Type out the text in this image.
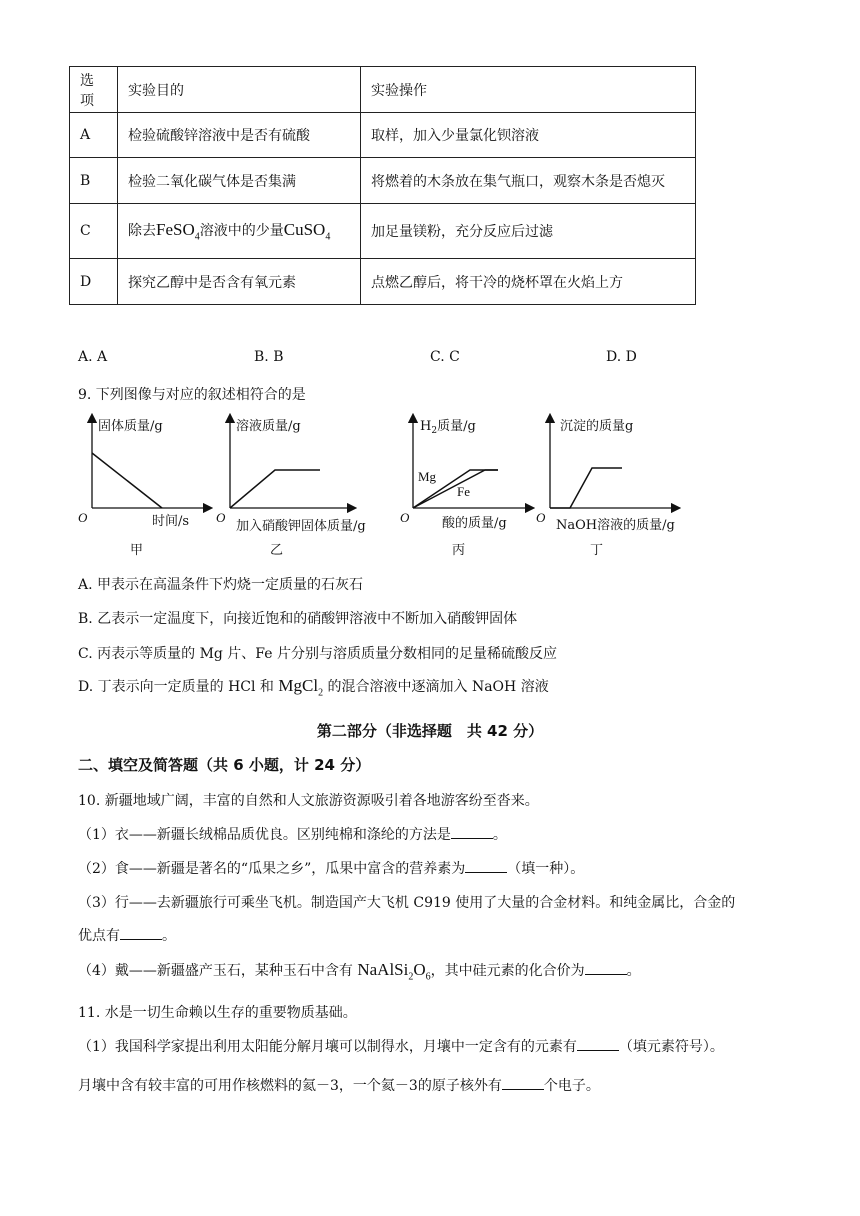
选项	实验目的	实验操作
A	检验硫酸锌溶液中是否有硫酸	取样，加入少量氯化钡溶液
B	检验二氧化碳气体是否集满	将燃着的木条放在集气瓶口，观察木条是否熄灭
C	除去FeSO$_4$溶液中的少量CuSO$_4$	加足量镁粉，充分反应后过滤
D	探究乙醇中是否含有氧元素	点燃乙醇后，将干冷的烧杯罩在火焰上方
A. A	B. B	C. C	D. D
9. 下列图像与对应的叙述相符合的是
固体质量/g
时间/s
O
甲
溶液质量/g
加入硝酸钾固体质量/g
O
乙
$H_2$质量/g
Mg
Fe
酸的质量/g
O
丙
沉淀的质量g
NaOH溶液的质量/g
O
丁
A. 甲表示在高温条件下灼烧一定质量的石灰石
B. 乙表示一定温度下，向接近饱和的硝酸钾溶液中不断加入硝酸钾固体
C. 丙表示等质量的 Mg 片、Fe 片分别与溶质质量分数相同的足量稀硫酸反应
D. 丁表示向一定质量的 HCl 和 MgCl$_2$ 的混合溶液中逐滴加入 NaOH 溶液
第二部分（非选择题　共 42 分）
二、填空及简答题（共 6 小题，计 24 分）
10. 新疆地域广阔，丰富的自然和人文旅游资源吸引着各地游客纷至沓来。
（1）衣——新疆长绒棉品质优良。区别纯棉和涤纶的方法是	。
（2）食——新疆是著名的“瓜果之乡”，瓜果中富含的营养素为	（填一种）。
（3）行——去新疆旅行可乘坐飞机。制造国产大飞机 C919 使用了大量的合金材料。和纯金属比，合金的
优点有	。
（4）戴——新疆盛产玉石，某种玉石中含有 $NaAlSi_2O_6$，其中硅元素的化合价为	。
11. 水是一切生命赖以生存的重要物质基础。
（1）我国科学家提出利用太阳能分解月壤可以制得水，月壤中一定含有的元素有	（填元素符号）。
月壤中含有较丰富的可用作核燃料的氦－3，一个氦－3的原子核外有	个电子。
